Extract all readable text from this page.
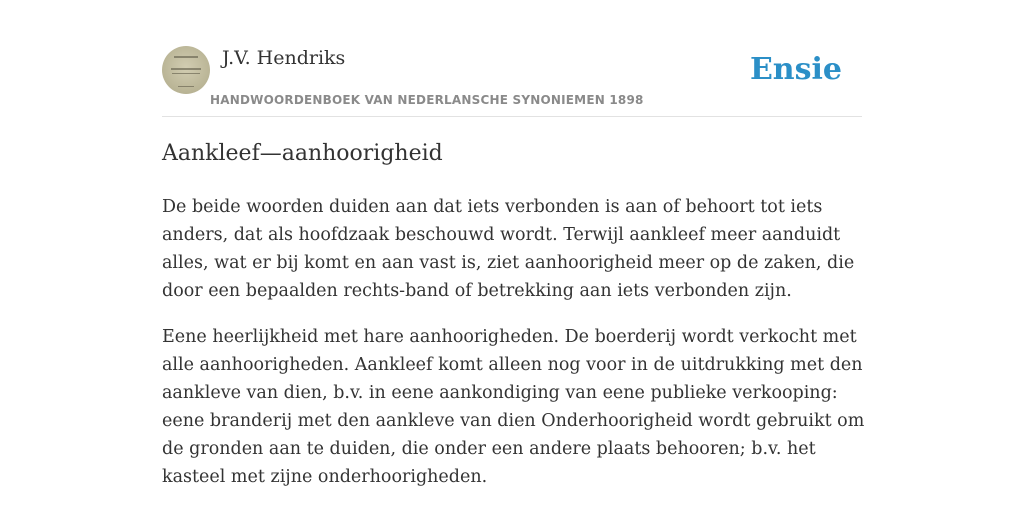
J.V. Hendriks
HANDWOORDENBOEK VAN NEDERLANSCHE SYNONIEMEN 1898
Ensie
Aankleef—aanhoorigheid

De beide woorden duiden aan dat iets verbonden is aan of behoort tot iets anders, dat als hoofdzaak beschouwd wordt. Terwijl aankleef meer aanduidt alles, wat er bij komt en aan vast is, ziet aanhoorigheid meer op de zaken, die door een bepaalden rechts-band of betrekking aan iets verbonden zijn.

Eene heerlijkheid met hare aanhoorigheden. De boerderij wordt verkocht met alle aanhoorigheden. Aankleef komt alleen nog voor in de uitdrukking met den aankleve van dien, b.v. in eene aankondiging van eene publieke verkooping: eene branderij met den aankleve van dien Onderhoorigheid wordt gebruikt om de gronden aan te duiden, die onder een andere plaats behooren; b.v. het kasteel met zijne onderhoorigheden.
